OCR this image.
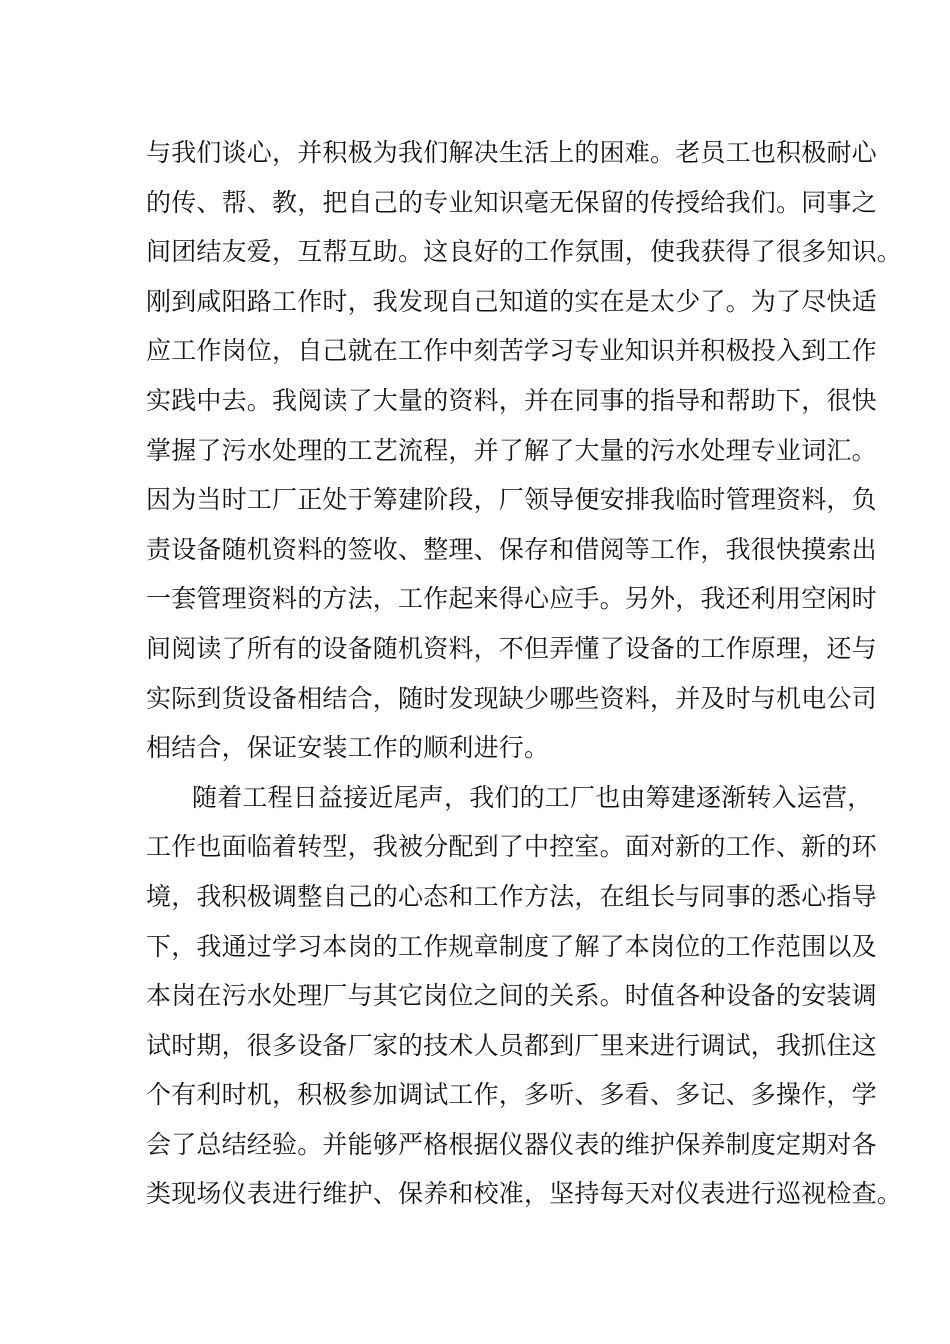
与我们谈心，并积极为我们解决生活上的困难。老员工也积极耐心
的传、帮、教，把自己的专业知识毫无保留的传授给我们。同事之
间团结友爱，互帮互助。这良好的工作氛围，使我获得了很多知识。
刚到咸阳路工作时，我发现自己知道的实在是太少了。为了尽快适
应工作岗位，自己就在工作中刻苦学习专业知识并积极投入到工作
实践中去。我阅读了大量的资料，并在同事的指导和帮助下，很快
掌握了污水处理的工艺流程，并了解了大量的污水处理专业词汇。
因为当时工厂正处于筹建阶段，厂领导便安排我临时管理资料，负
责设备随机资料的签收、整理、保存和借阅等工作，我很快摸索出
一套管理资料的方法，工作起来得心应手。另外，我还利用空闲时
间阅读了所有的设备随机资料，不但弄懂了设备的工作原理，还与
实际到货设备相结合，随时发现缺少哪些资料，并及时与机电公司
相结合，保证安装工作的顺利进行。
随着工程日益接近尾声，我们的工厂也由筹建逐渐转入运营，
工作也面临着转型，我被分配到了中控室。面对新的工作、新的环
境，我积极调整自己的心态和工作方法，在组长与同事的悉心指导
下，我通过学习本岗的工作规章制度了解了本岗位的工作范围以及
本岗在污水处理厂与其它岗位之间的关系。时值各种设备的安装调
试时期，很多设备厂家的技术人员都到厂里来进行调试，我抓住这
个有利时机，积极参加调试工作，多听、多看、多记、多操作，学
会了总结经验。并能够严格根据仪器仪表的维护保养制度定期对各
类现场仪表进行维护、保养和校准，坚持每天对仪表进行巡视检查。
